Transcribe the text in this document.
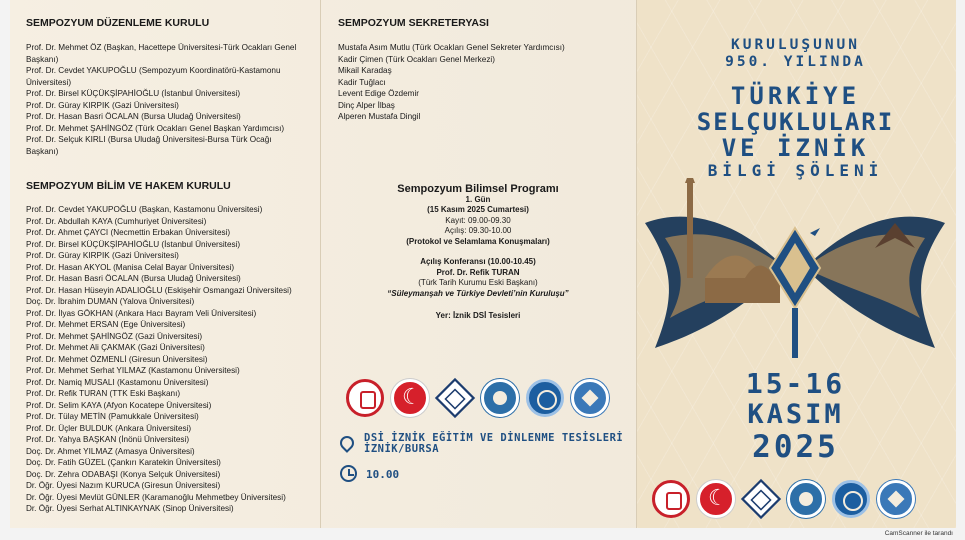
SEMPOZYUM DÜZENLEME KURULU
Prof. Dr. Mehmet ÖZ (Başkan, Hacettepe Üniversitesi-Türk Ocakları Genel
Başkanı)
Prof. Dr. Cevdet YAKUPOĞLU (Sempozyum Koordinatörü-Kastamonu
Üniversitesi)
Prof. Dr. Birsel KÜÇÜKŞİPAHİOĞLU (İstanbul Üniversitesi)
Prof. Dr. Güray KIRPIK (Gazi Üniversitesi)
Prof. Dr. Hasan Basri ÖCALAN (Bursa Uludağ Üniversitesi)
Prof. Dr. Mehmet ŞAHİNGÖZ (Türk Ocakları Genel Başkan Yardımcısı)
Prof. Dr. Selçuk KIRLI (Bursa Uludağ Üniversitesi-Bursa Türk Ocağı
Başkanı)
SEMPOZYUM BİLİM VE HAKEM KURULU
Prof. Dr. Cevdet YAKUPOĞLU (Başkan, Kastamonu Üniversitesi)
Prof. Dr. Abdullah KAYA (Cumhuriyet Üniversitesi)
Prof. Dr. Ahmet ÇAYCI (Necmettin Erbakan Üniversitesi)
Prof. Dr. Birsel KÜÇÜKŞİPAHİOĞLU (İstanbul Üniversitesi)
Prof. Dr. Güray KIRPIK (Gazi Üniversitesi)
Prof. Dr. Hasan AKYOL (Manisa Celal Bayar Üniversitesi)
Prof. Dr. Hasan Basri ÖCALAN (Bursa Uludağ Üniversitesi)
Prof. Dr. Hasan Hüseyin ADALIOĞLU (Eskişehir Osmangazi Üniversitesi)
Doç. Dr. İbrahim DUMAN (Yalova Üniversitesi)
Prof. Dr. İlyas GÖKHAN (Ankara Hacı Bayram Veli Üniversitesi)
Prof. Dr. Mehmet ERSAN (Ege Üniversitesi)
Prof. Dr. Mehmet ŞAHİNGÖZ (Gazi Üniversitesi)
Prof. Dr. Mehmet Ali ÇAKMAK (Gazi Üniversitesi)
Prof. Dr. Mehmet ÖZMENLİ (Giresun Üniversitesi)
Prof. Dr. Mehmet Serhat YILMAZ (Kastamonu Üniversitesi)
Prof. Dr. Namiq MUSALI (Kastamonu Üniversitesi)
Prof. Dr. Refik TURAN (TTK Eski Başkanı)
Prof. Dr. Selim KAYA (Afyon Kocatepe Üniversitesi)
Prof. Dr. Tülay METİN (Pamukkale Üniversitesi)
Prof. Dr. Üçler BULDUK (Ankara Üniversitesi)
Prof. Dr. Yahya BAŞKAN (İnönü Üniversitesi)
Doç. Dr. Ahmet YILMAZ (Amasya Üniversitesi)
Doç. Dr. Fatih GÜZEL (Çankırı Karatekin Üniversitesi)
Doç. Dr. Zehra ODABAŞI (Konya Selçuk Üniversitesi)
Dr. Öğr. Üyesi Nazım KURUCA (Giresun Üniversitesi)
Dr. Öğr. Üyesi Mevlüt GÜNLER (Karamanoğlu Mehmetbey Üniversitesi)
Dr. Öğr. Üyesi Serhat ALTINKAYNAK (Sinop Üniversitesi)
SEMPOZYUM SEKRETERYASI
Mustafa Asım Mutlu (Türk Ocakları Genel Sekreter Yardımcısı)
Kadir Çimen (Türk Ocakları Genel Merkezi)
Mikail Karadaş
Kadir Tuğlacı
Levent Edige Özdemir
Dinç Alper İlbaş
Alperen Mustafa Dingil
Sempozyum Bilimsel Programı
1. Gün
(15 Kasım 2025 Cumartesi)
Kayıt: 09.00-09.30
Açılış: 09.30-10.00
(Protokol ve Selamlama Konuşmaları)
Açılış Konferansı (10.00-10.45)
Prof. Dr. Refik TURAN
(Türk Tarih Kurumu Eski Başkanı)
“Süleymanşah ve Türkiye Devleti’nin Kuruluşu”
Yer: İznik DSİ Tesisleri
☾
DSİ İZNİK EĞİTİM VE DİNLENME TESİSLERİ
İZNİK/BURSA
10.00
KURULUŞUNUN
950. YILINDA
TÜRKİYE
SELÇUKLULARI
VE İZNİK
BİLGİ ŞÖLENİ
15-16
KASIM
2025
☾
CamScanner ile tarandı
